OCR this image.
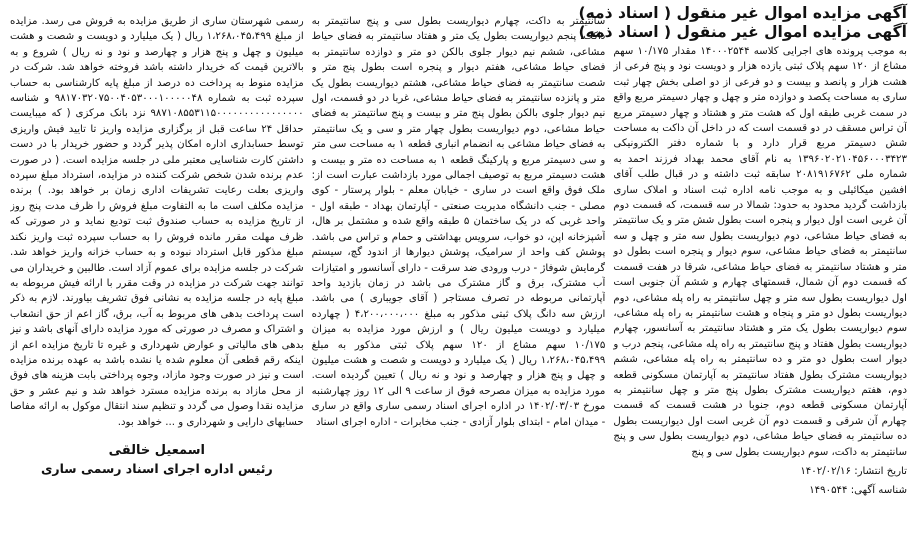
آگهی مزایده اموال غیر منقول ( اسناد ذمه)

آگهی مزایده اموال غیر منقول ( اسناد ذمه)

به موجب پرونده های اجرایی کلاسه ۱۴۰۰۰۲۵۴۴ مقدار ۱۰/۱۷۵ سهم مشاع از ۱۲۰ سهم پلاک ثبتی یازده هزار و دویست نود و پنج فرعی از هشت هزار و پانصد و بیست و دو فرعی از دو اصلی بخش چهار ثبت ساری به مساحت یکصد و دوازده متر و چهل و چهار دسیمتر مربع واقع در سمت غربی طبقه اول که هشت متر و هشتاد و چهار دسیمتر مربع آن تراس مسقف در دو قسمت است که در داخل آن داکت به مساحت شش دسیمتر مربع قرار دارد و با شماره دفتر الکترونیکی ۱۳۹۶۰۲۰۲۱۰۴۵۶۰۰۰۳۴۲۳ به نام آقای محمد بهداد فرزند احمد به شماره ملی ۲۰۸۱۹۱۶۷۶۲ سابقه ثبت داشته و در قبال طلب آقای افشین میکائیلی و به موجب نامه اداره ثبت اسناد و املاک ساری بازداشت گردید محدود به حدود: شمالا در سه قسمت، که قسمت دوم آن غربی است اول دیوار و پنجره است بطول شش متر و یک سانتیمتر به فضای حیاط مشاعی، دوم دیواریست بطول سه متر و چهل و سه سانتیمتر به فضای حیاط مشاعی، سوم دیوار و پنجره است بطول دو متر و هشتاد سانتیمتر به فضای حیاط مشاعی، شرقا در هفت قسمت که قسمت دوم آن شمال، قسمتهای چهارم و ششم آن جنوبی است اول دیواریست بطول سه متر و چهل سانتیمتر به راه پله مشاعی، دوم دیواریست بطول دو متر و پنجاه و هشت سانتیمتر به راه پله مشاعی، سوم دیواریست بطول یک متر و هشتاد سانتیمتر به آسانسور، چهارم دیواریست بطول هفتاد و پنج سانتیمتر به راه پله مشاعی، پنجم درب و دیوار است بطول دو متر و ده سانتیمتر به راه پله مشاعی، ششم دیواریست مشترک بطول هفتاد سانتیمتر به آپارتمان مسکونی قطعه دوم، هفتم دیواریست مشترک بطول پنج متر و چهل سانتیمتر به آپارتمان مسکونی قطعه دوم، جنوبا در هشت قسمت که قسمت چهارم آن شرقی و قسمت دوم آن غربی است اول دیواریست بطول ده سانتیمتر به فضای حیاط مشاعی، دوم دیواریست بطول سی و پنج سانتیمتر به داکت، سوم دیواریست بطول سی و پنج

تاریخ انتشار: ۱۴۰۲/۰۲/۱۶
شناسه آگهی: ۱۴۹۰۵۴۴

سانتیمتر به داکت، چهارم دیواریست بطول سی و پنج سانتیمتر به داکت، پنجم دیواریست بطول یک متر و هفتاد سانتیمتر به فضای حیاط مشاعی، ششم نیم دیوار جلوی بالکن دو متر و دوازده سانتیمتر به فضای حیاط مشاعی، هفتم دیوار و پنجره است بطول پنج متر و شصت سانتیمتر به فضای حیاط مشاعی، هشتم دیواریست بطول یک متر و پانزده سانتیمتر به فضای حیاط مشاعی، غربا در دو قسمت، اول نیم دیوار جلوی بالکن بطول پنج متر و بیست و پنج سانتیمتر به فضای حیاط مشاعی، دوم دیواریست بطول چهار متر و سی و یک سانتیمتر به فضای حیاط مشاعی به انضمام انباری قطعه ۱ به مساحت سی متر و سی دسیمتر مربع و پارکینگ قطعه ۱ به مساحت ده متر و بیست و هشت دسیمتر مربع به توصیف اجمالی مورد بازداشت عبارت است از: ملک فوق واقع است در ساری - خیابان معلم - بلوار پرستار - کوی مصلی - جنب دانشگاه مدیریت صنعتی - آپارتمان بهداد - طبقه اول - واحد غربی که در یک ساختمان ۵ طبقه واقع شده و مشتمل بر هال، آشپزخانه اپن، دو خواب، سرویس بهداشتی و حمام و تراس می باشد. پوشش کف واحد از سرامیک، پوشش دیوارها از اندود گچ، سیستم گرمایش شوفاژ - درب ورودی ضد سرقت - دارای آسانسور و امتیازات آب مشترک، برق و گاز مشترک می باشد در زمان بازدید واحد آپارتمانی مربوطه در تصرف مستاجر ( آقای جویباری ) می باشد. ارزش سه دانگ پلاک ثبتی مذکور به مبلغ ۴،۲۰۰،۰۰۰،۰۰۰ ( چهارده میلیارد و دویست میلیون ریال ) و ارزش مورد مزایده به میزان ۱۰/۱۷۵ سهم مشاع از ۱۲۰ سهم پلاک ثبتی مذکور به مبلغ ۱،۲۶۸،۰۴۵،۴۹۹ ریال ( یک میلیارد و دویست و شصت و هشت میلیون و چهل و پنج هزار و چهارصد و نود و نه ریال ) تعیین گردیده است. مورد مزایده به میزان مصرحه فوق از ساعت ۹ الی ۱۲ روز چهارشنبه مورخ ۱۴۰۲/۰۳/۰۳ در اداره اجرای اسناد رسمی ساری واقع در ساری - میدان امام - ابتدای بلوار آزادی - جنب مخابرات - اداره اجرای اسناد

رسمی شهرستان ساری از طریق مزایده به فروش می رسد. مزایده از مبلغ ۱،۲۶۸،۰۴۵،۴۹۹ ریال ( یک میلیارد و دویست و شصت و هشت میلیون و چهل و پنج هزار و چهارصد و نود و نه ریال ) شروع و به بالاترین قیمت که خریدار داشته باشد فروخته خواهد شد. شرکت در مزایده منوط به پرداخت ده درصد از مبلغ پایه کارشناسی به حساب سپرده ثبت به شماره ۹۸۱۷۰۳۲۰۷۵۰۰۴۰۵۳۰۰۰۱۰۰۰۰۰۴۸ و شناسه ۹۸۷۱۰۸۵۵۳۱۱۵۰۰۰۰۰۰۰۰۰۰۰۰۰۰۰۰ نزد بانک مرکزی ( که میبایست حداقل ۲۴ ساعت قبل از برگزاری مزایده واریز تا تایید فیش واریزی توسط حسابداری اداره امکان پذیر گردد و حضور خریدار با در دست داشتن کارت شناسایی معتبر ملی در جلسه مزایده است. ( در صورت عدم برنده شدن شخص شرکت کننده در مزایده، استرداد مبلغ سپرده واریزی بعلت رعایت تشریفات اداری زمان بر خواهد بود. ) برنده مزایده مکلف است ما به التفاوت مبلغ فروش را ظرف مدت پنج روز از تاریخ مزایده به حساب صندوق ثبت تودیع نماید و در صورتی که ظرف مهلت مقرر مانده فروش را به حساب سپرده ثبت واریز نکند مبلغ مذکور قابل استرداد نبوده و به حساب خزانه واریز خواهد شد. شرکت در جلسه مزایده برای عموم آزاد است. طالبین و خریداران می توانند جهت شرکت در مزایده در وقت مقرر با ارائه فیش مربوطه به مبلغ پایه در جلسه مزایده به نشانی فوق تشریف بیاورند. لازم به ذکر است پرداخت بدهی های مربوط به آب، برق، گاز اعم از حق انشعاب و اشتراک و مصرف در صورتی که مورد مزایده دارای آنهای باشد و نیز بدهی های مالیاتی و عوارض شهرداری و غیره تا تاریخ مزایده اعم از اینکه رقم قطعی آن معلوم شده یا نشده باشد به عهده برنده مزایده است و نیز در صورت وجود مازاد، وجوه پرداختی بابت هزینه های فوق از محل مازاد به برنده مزایده مسترد خواهد شد و نیم عشر و حق مزایده نقدا وصول می گردد و تنظیم سند انتقال موکول به ارائه مفاصا حسابهای دارایی و شهرداری و ... خواهد بود.

اسمعیل خالقی
رئیس اداره اجرای اسناد رسمی ساری
